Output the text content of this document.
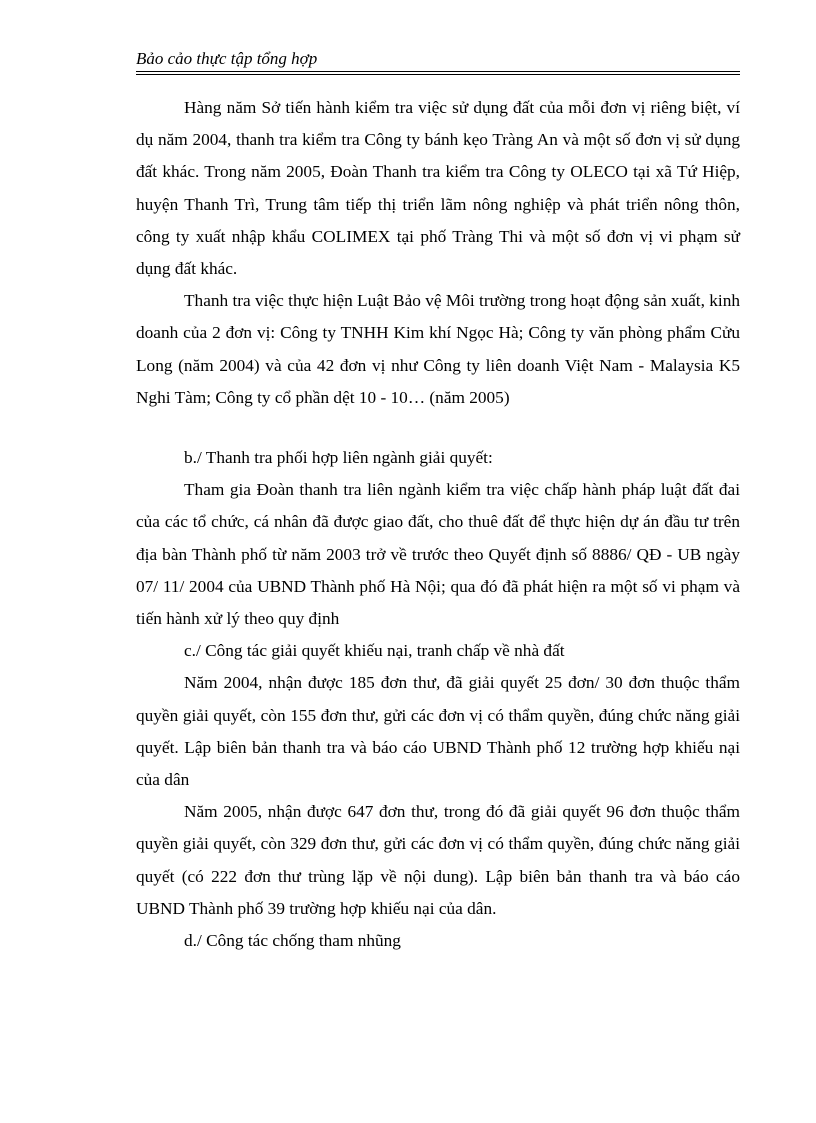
Bảo cảo thực tập tổng hợp

Hàng năm Sở tiến hành kiểm tra việc sử dụng đất của mỗi đơn vị riêng biệt, ví dụ năm 2004, thanh tra kiểm tra Công ty bánh kẹo Tràng An và một số đơn vị sử dụng đất khác. Trong năm 2005, Đoàn Thanh tra kiểm tra Công ty OLECO tại xã Tứ Hiệp, huyện Thanh Trì, Trung tâm tiếp thị triển lãm nông nghiệp và phát triển nông thôn, công ty xuất nhập khẩu COLIMEX tại phố Tràng Thi và một số đơn vị vi phạm sử dụng đất khác.

Thanh tra việc thực hiện Luật Bảo vệ Môi trường trong hoạt động sản xuất, kinh doanh của 2 đơn vị: Công ty TNHH Kim khí Ngọc Hà; Công ty văn phòng phẩm Cửu Long (năm 2004) và của 42 đơn vị như Công ty liên doanh Việt Nam - Malaysia K5 Nghi Tàm; Công ty cổ phần dệt 10 - 10… (năm 2005)

b./ Thanh tra phối hợp liên ngành giải quyết:

Tham gia Đoàn thanh tra liên ngành kiểm tra việc chấp hành pháp luật đất đai của các tổ chức, cá nhân đã được giao đất, cho thuê đất để thực hiện dự án đầu tư trên địa bàn Thành phố từ năm 2003 trở về trước theo Quyết định số 8886/ QĐ - UB ngày 07/ 11/ 2004 của UBND Thành phố Hà Nội; qua đó đã phát hiện ra một số vi phạm và tiến hành xử lý theo quy định

c./ Công tác giải quyết khiếu nại, tranh chấp về nhà đất

Năm 2004, nhận được 185 đơn thư, đã giải quyết 25 đơn/ 30 đơn thuộc thẩm quyền giải quyết, còn 155 đơn thư, gửi các đơn vị có thẩm quyền, đúng chức năng giải quyết. Lập biên bản thanh tra và báo cáo UBND Thành phố 12 trường hợp khiếu nại của dân

Năm 2005, nhận được 647 đơn thư, trong đó đã giải quyết 96 đơn thuộc thẩm quyền giải quyết, còn 329 đơn thư, gửi các đơn vị có thẩm quyền, đúng chức năng giải quyết (có 222 đơn thư trùng lặp về nội dung). Lập biên bản thanh tra và báo cáo UBND Thành phố 39 trường hợp khiếu nại của dân.

d./ Công tác chống tham nhũng
